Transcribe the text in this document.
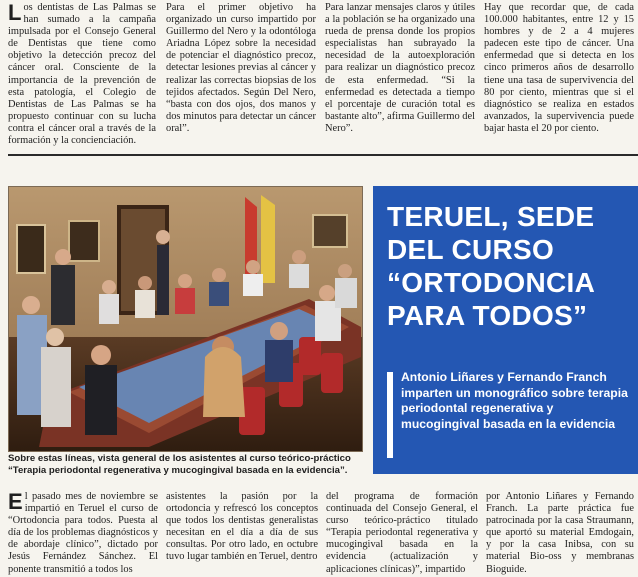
Los dentistas de Las Palmas se han sumado a la campaña impulsada por el Consejo General de Dentistas que tiene como objetivo la detección precoz del cáncer oral. Consciente de la importancia de la prevención de esta patología, el Colegio de Dentistas de Las Palmas se ha propuesto continuar con su lucha contra el cáncer oral a través de la formación y la concienciación.
Para el primer objetivo ha organizado un curso impartido por Guillermo del Nero y la odontóloga Ariadna López sobre la necesidad de potenciar el diagnóstico precoz, detectar lesiones previas al cáncer y realizar las correctas biopsias de los tejidos afectados. Según Del Nero, “basta con dos ojos, dos manos y dos minutos para detectar un cáncer oral”.
Para lanzar mensajes claros y útiles a la población se ha organizado una rueda de prensa donde los propios especialistas han subrayado la necesidad de la autoexploración para realizar un diagnóstico precoz de esta enfermedad. “Si la enfermedad es detectada a tiempo el porcentaje de curación total es bastante alto”, afirma Guillermo del Nero”.
Hay que recordar que, de cada 100.000 habitantes, entre 12 y 15 hombres y de 2 a 4 mujeres padecen este tipo de cáncer. Una enfermedad que si detecta en los cinco primeros años de desarrollo tiene una tasa de supervivencia del 80 por ciento, mientras que si el diagnóstico se realiza en estados avanzados, la supervivencia puede bajar hasta el 20 por ciento.
Sobre estas líneas, vista general de los asistentes al curso teórico-práctico “Terapia periodontal regenerativa y mucogingival basada en la evidencia”.
TERUEL, SEDE DEL CURSO “ORTODONCIA PARA TODOS”

Antonio Liñares y Fernando Franch imparten un monográfico sobre terapia periodontal regenerativa y mucogingival basada en la evidencia

El pasado mes de noviembre se impartió en Teruel el curso de “Ortodoncia para todos. Puesta al día de los problemas diagnósticos y de abordaje clínico”, dictado por Jesús Fernández Sánchez. El ponente transmitió a todos los
asistentes la pasión por la ortodoncia y refrescó los conceptos que todos los dentistas generalistas necesitan en el día a día de sus consultas. Por otro lado, en octubre tuvo lugar también en Teruel, dentro
del programa de formación continuada del Consejo General, el curso teórico-práctico titulado “Terapia periodontal regenerativa y mucogingival basada en la evidencia (actualización y aplicaciones clínicas)”, impartido
por Antonio Liñares y Fernando Franch. La parte práctica fue patrocinada por la casa Straumann, que aportó su material Emdogain, y por la casa Inibsa, con su material Bio-oss y membranas Bioguide.
